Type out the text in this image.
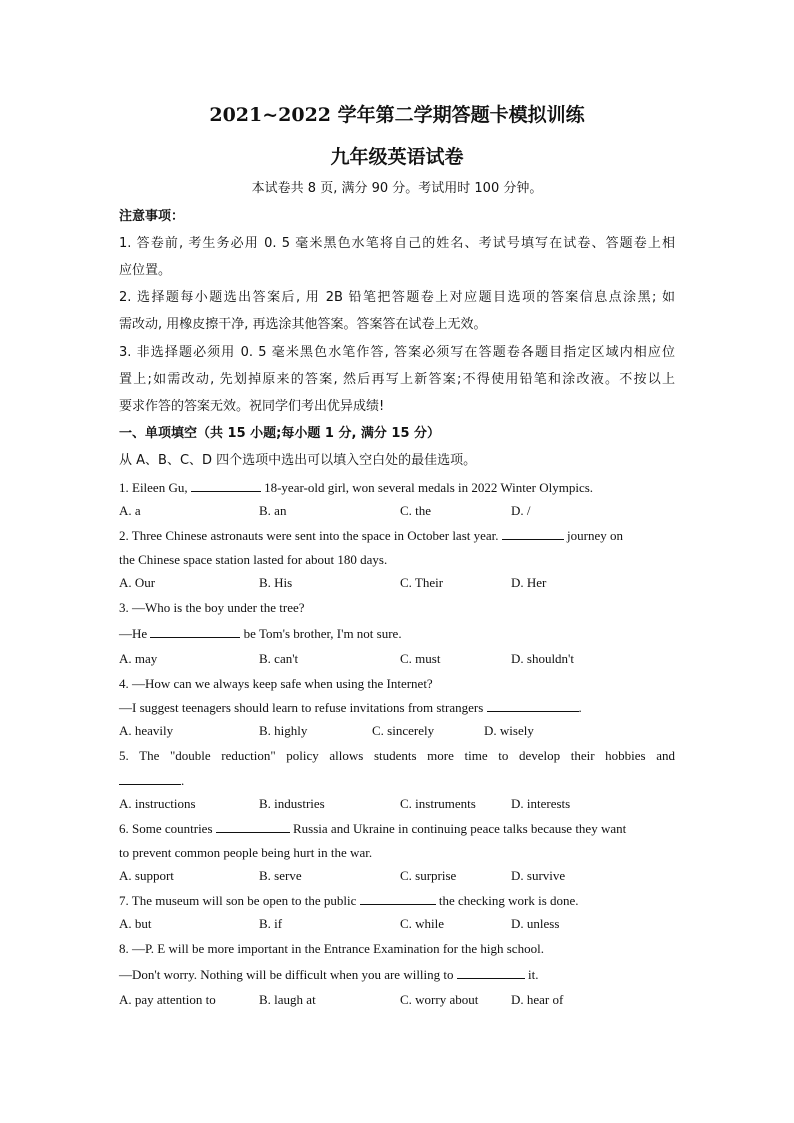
2021~2022 学年第二学期答题卡模拟训练
九年级英语试卷
本试卷共 8 页, 满分 90 分。考试用时 100 分钟。
注意事项：
1. 答卷前, 考生务必用 0. 5 毫米黑色水笔将自己的姓名、考试号填写在试卷、答题卷上相
应位置。
2. 选择题每小题选出答案后, 用 2B 铅笔把答题卷上对应题目选项的答案信息点涂黑; 如
需改动, 用橡皮擦干净, 再选涂其他答案。答案答在试卷上无效。
3. 非选择题必须用 0. 5 毫米黑色水笔作答, 答案必须写在答题卷各题目指定区域内相应位
置上;如需改动, 先划掉原来的答案, 然后再写上新答案;不得使用铅笔和涂改液。不按以上
要求作答的答案无效。祝同学们考出优异成绩!
一、单项填空（共 15 小题;每小题 1 分, 满分 15 分）
从 A、B、C、D 四个选项中选出可以填入空白处的最佳选项。
1. Eileen Gu,	18-year-old girl, won several medals in 2022 Winter Olympics.
A. a	B. an	C. the	D. /
2. Three Chinese astronauts were sent into the space in October last year.	journey on
the Chinese space station lasted for about 180 days.
A. Our	B. His	C. Their	D. Her
3. —Who is the boy under the tree?
—He	be Tom's brother, I'm not sure.
A. may	B. can't	C. must	D. shouldn't
4. —How can we always keep safe when using the Internet?
—I suggest teenagers should learn to refuse invitations from strangers	.
A. heavily	B. highly	C. sincerely	D. wisely
5. The "double reduction" policy allows students more time to develop their hobbies and
.
A. instructions	B. industries	C. instruments	D. interests
6. Some countries	Russia and Ukraine in continuing peace talks because they want
to prevent common people being hurt in the war.
A. support	B. serve	C. surprise	D. survive
7. The museum will son be open to the public	the checking work is done.
A. but	B. if	C. while	D. unless
8. —P. E will be more important in the Entrance Examination for the high school.
—Don't worry. Nothing will be difficult when you are willing to	it.
A. pay attention to	B. laugh at	C. worry about	D. hear of
